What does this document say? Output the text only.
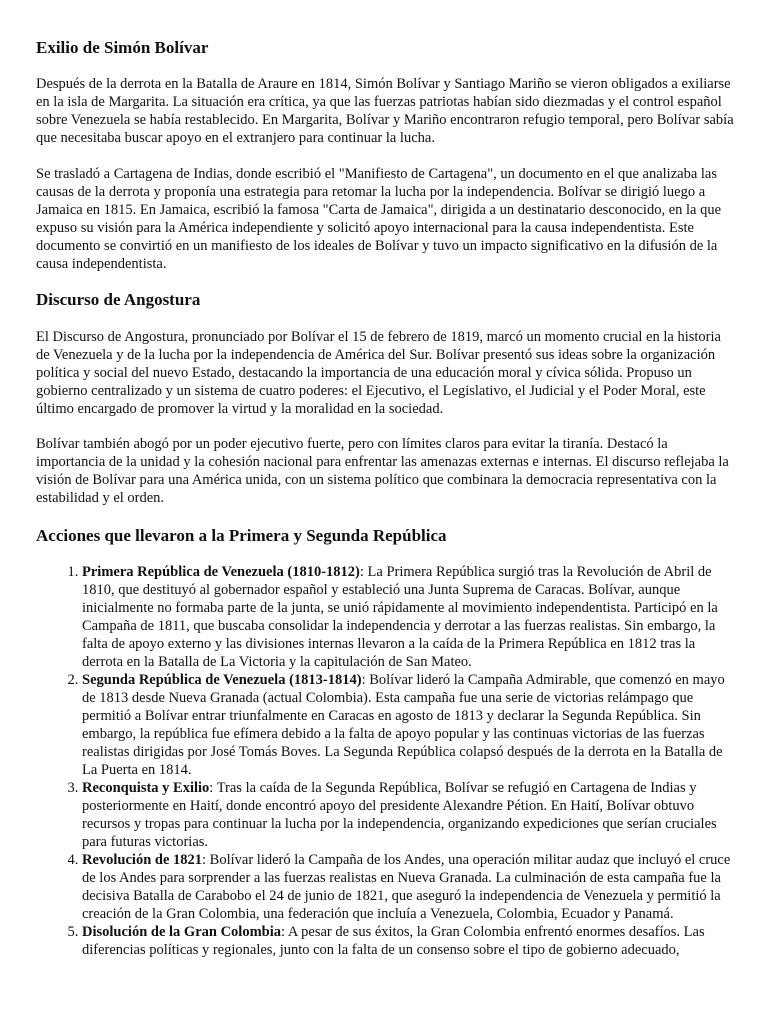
Exilio de Simón Bolívar

Después de la derrota en la Batalla de Araure en 1814, Simón Bolívar y Santiago Mariño se vieron obligados a exiliarse en la isla de Margarita. La situación era crítica, ya que las fuerzas patriotas habían sido diezmadas y el control español sobre Venezuela se había restablecido. En Margarita, Bolívar y Mariño encontraron refugio temporal, pero Bolívar sabía que necesitaba buscar apoyo en el extranjero para continuar la lucha.

Se trasladó a Cartagena de Indias, donde escribió el "Manifiesto de Cartagena", un documento en el que analizaba las causas de la derrota y proponía una estrategia para retomar la lucha por la independencia. Bolívar se dirigió luego a Jamaica en 1815. En Jamaica, escribió la famosa "Carta de Jamaica", dirigida a un destinatario desconocido, en la que expuso su visión para la América independiente y solicitó apoyo internacional para la causa independentista. Este documento se convirtió en un manifiesto de los ideales de Bolívar y tuvo un impacto significativo en la difusión de la causa independentista.

Discurso de Angostura

El Discurso de Angostura, pronunciado por Bolívar el 15 de febrero de 1819, marcó un momento crucial en la historia de Venezuela y de la lucha por la independencia de América del Sur. Bolívar presentó sus ideas sobre la organización política y social del nuevo Estado, destacando la importancia de una educación moral y cívica sólida. Propuso un gobierno centralizado y un sistema de cuatro poderes: el Ejecutivo, el Legislativo, el Judicial y el Poder Moral, este último encargado de promover la virtud y la moralidad en la sociedad.

Bolívar también abogó por un poder ejecutivo fuerte, pero con límites claros para evitar la tiranía. Destacó la importancia de la unidad y la cohesión nacional para enfrentar las amenazas externas e internas. El discurso reflejaba la visión de Bolívar para una América unida, con un sistema político que combinara la democracia representativa con la estabilidad y el orden.

Acciones que llevaron a la Primera y Segunda República
1. Primera República de Venezuela (1810-1812): La Primera República surgió tras la Revolución de Abril de 1810, que destituyó al gobernador español y estableció una Junta Suprema de Caracas. Bolívar, aunque inicialmente no formaba parte de la junta, se unió rápidamente al movimiento independentista. Participó en la Campaña de 1811, que buscaba consolidar la independencia y derrotar a las fuerzas realistas. Sin embargo, la falta de apoyo externo y las divisiones internas llevaron a la caída de la Primera República en 1812 tras la derrota en la Batalla de La Victoria y la capitulación de San Mateo.
2. Segunda República de Venezuela (1813-1814): Bolívar lideró la Campaña Admirable, que comenzó en mayo de 1813 desde Nueva Granada (actual Colombia). Esta campaña fue una serie de victorias relámpago que permitió a Bolívar entrar triunfalmente en Caracas en agosto de 1813 y declarar la Segunda República. Sin embargo, la república fue efímera debido a la falta de apoyo popular y las continuas victorias de las fuerzas realistas dirigidas por José Tomás Boves. La Segunda República colapsó después de la derrota en la Batalla de La Puerta en 1814.
3. Reconquista y Exilio: Tras la caída de la Segunda República, Bolívar se refugió en Cartagena de Indias y posteriormente en Haití, donde encontró apoyo del presidente Alexandre Pétion. En Haití, Bolívar obtuvo recursos y tropas para continuar la lucha por la independencia, organizando expediciones que serían cruciales para futuras victorias.
4. Revolución de 1821: Bolívar lideró la Campaña de los Andes, una operación militar audaz que incluyó el cruce de los Andes para sorprender a las fuerzas realistas en Nueva Granada. La culminación de esta campaña fue la decisiva Batalla de Carabobo el 24 de junio de 1821, que aseguró la independencia de Venezuela y permitió la creación de la Gran Colombia, una federación que incluía a Venezuela, Colombia, Ecuador y Panamá.
5. Disolución de la Gran Colombia: A pesar de sus éxitos, la Gran Colombia enfrentó enormes desafíos. Las diferencias políticas y regionales, junto con la falta de un consenso sobre el tipo de gobierno adecuado,
